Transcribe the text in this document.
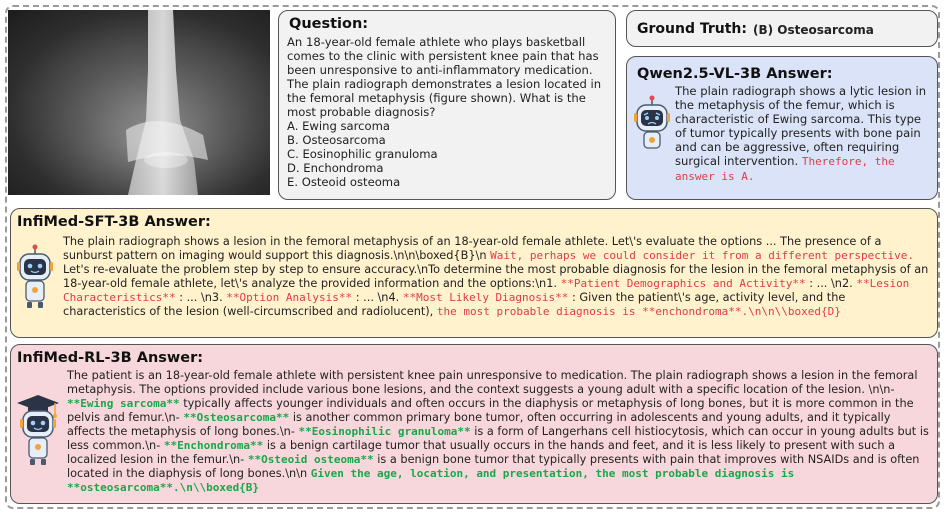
Question:
An 18-year-old female athlete who plays basketball comes to the clinic with persistent knee pain that has been unresponsive to anti-inflammatory medication. The plain radiograph demonstrates a lesion located in the femoral metaphysis (figure shown). What is the most probable diagnosis?
A. Ewing sarcoma
B. Osteosarcoma
C. Eosinophilic granuloma
D. Enchondroma
E. Osteoid osteoma
Ground Truth: (B) Osteosarcoma
Qwen2.5-VL-3B Answer:
The plain radiograph shows a lytic lesion in the metaphysis of the femur, which is characteristic of Ewing sarcoma. This type of tumor typically presents with bone pain and can be aggressive, often requiring surgical intervention. Therefore, the answer is A.
InfiMed-SFT-3B Answer:
The plain radiograph shows a lesion in the femoral metaphysis of an 18-year-old female athlete. Let\'s evaluate the options ... The presence of a sunburst pattern on imaging would support this diagnosis.\n\n\boxed{B}\n Wait, perhaps we could consider it from a different perspective. Let's re-evaluate the problem step by step to ensure accuracy.\nTo determine the most probable diagnosis for the lesion in the femoral metaphysis of an 18-year-old female athlete, let\'s analyze the provided information and the options:\n1. **Patient Demographics and Activity** : ... \n2. **Lesion Characteristics** : ... \n3. **Option Analysis** : ... \n4. **Most Likely Diagnosis** : Given the patient\'s age, activity level, and the characteristics of the lesion (well-circumscribed and radiolucent), the most probable diagnosis is **enchondroma**.\n\n\\boxed{D}
InfiMed-RL-3B Answer:
The patient is an 18-year-old female athlete with persistent knee pain unresponsive to medication. The plain radiograph shows a lesion in the femoral metaphysis. The options provided include various bone lesions, and the context suggests a young adult with a specific location of the lesion. \n\n- **Ewing sarcoma** typically affects younger individuals and often occurs in the diaphysis or metaphysis of long bones, but it is more common in the pelvis and femur.\n- **Osteosarcoma** is another common primary bone tumor, often occurring in adolescents and young adults, and it typically affects the metaphysis of long bones.\n- **Eosinophilic granuloma** is a form of Langerhans cell histiocytosis, which can occur in young adults but is less common.\n- **Enchondroma** is a benign cartilage tumor that usually occurs in the hands and feet, and it is less likely to present with such a localized lesion in the femur.\n- **Osteoid osteoma** is a benign bone tumor that typically presents with pain that improves with NSAIDs and is often located in the diaphysis of long bones.\n\n Given the age, location, and presentation, the most probable diagnosis is **osteosarcoma**.\n\\boxed{B}
